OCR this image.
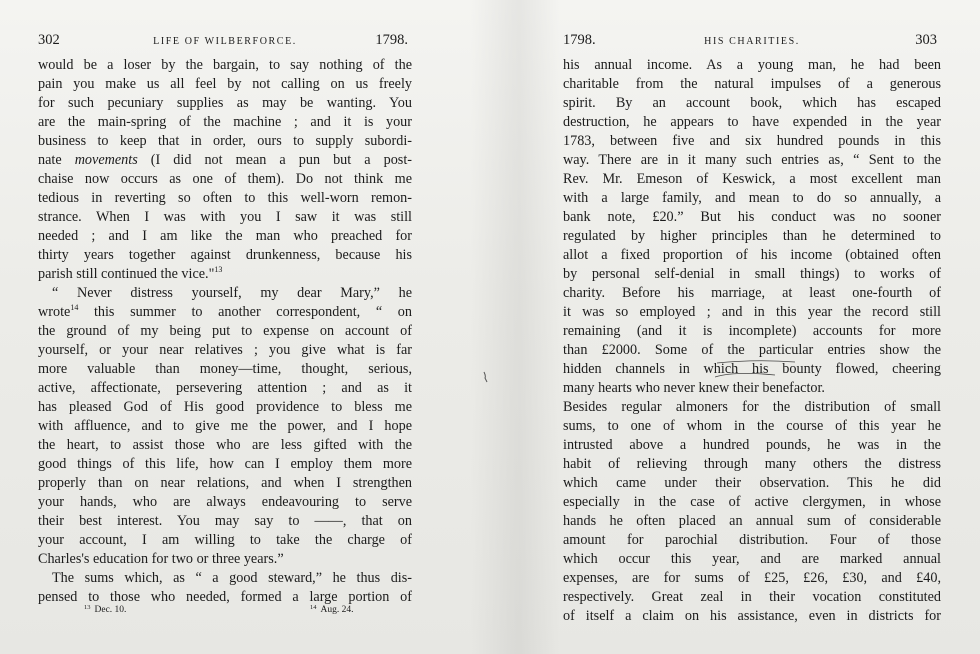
302	LIFE OF WILBERFORCE.	1798.
would be a loser by the bargain, to say nothing of the
pain you make us all feel by not calling on us freely
for such pecuniary supplies as may be wanting. You
are the main-spring of the machine ; and it is your
business to keep that in order, ours to supply subordi-
nate movements (I did not mean a pun but a post-
chaise now occurs as one of them). Do not think me
tedious in reverting so often to this well-worn remon-
strance. When I was with you I saw it was still
needed ; and I am like the man who preached for
thirty years together against drunkenness, because his
parish still continued the vice."$^{13}$
“ Never distress yourself, my dear Mary,” he
wrote$^{14}$ this summer to another correspondent, “ on
the ground of my being put to expense on account of
yourself, or your near relatives ; you give what is far
more valuable than money—time, thought, serious,
active, affectionate, persevering attention ; and as it
has pleased God of His good providence to bless me
with affluence, and to give me the power, and I hope
the heart, to assist those who are less gifted with the
good things of this life, how can I employ them more
properly than on near relations, and when I strengthen
your hands, who are always endeavouring to serve
their best interest. You may say to ——, that on
your account, I am willing to take the charge of
Charles's education for two or three years.”
The sums which, as “ a good steward,” he thus dis-
pensed to those who needed, formed a large portion of
$^{13}$ Dec. 10.	$^{14}$ Aug. 24.
1798.	HIS CHARITIES.	303
his annual income. As a young man, he had been
charitable from the natural impulses of a generous
spirit. By an account book, which has escaped
destruction, he appears to have expended in the year
1783, between five and six hundred pounds in this
way. There are in it many such entries as, “ Sent to the
Rev. Mr. Emeson of Keswick, a most excellent man
with a large family, and mean to do so annually, a
bank note, £20.” But his conduct was no sooner
regulated by higher principles than he determined to
allot a fixed proportion of his income (obtained often
by personal self-denial in small things) to works of
charity. Before his marriage, at least one-fourth of
it was so employed ; and in this year the record still
remaining (and it is incomplete) accounts for more
than £2000. Some of the particular entries show the
hidden channels in which his bounty flowed, cheering
many hearts who never knew their benefactor.
Besides regular almoners for the distribution of small
sums, to one of whom in the course of this year he
intrusted above a hundred pounds, he was in the
habit of relieving through many others the distress
which came under their observation. This he did
especially in the case of active clergymen, in whose
hands he often placed an annual sum of considerable
amount for parochial distribution. Four of those
which occur this year, and are marked annual
expenses, are for sums of £25, £26, £30, and £40,
respectively. Great zeal in their vocation constituted
of itself a claim on his assistance, even in districts for
